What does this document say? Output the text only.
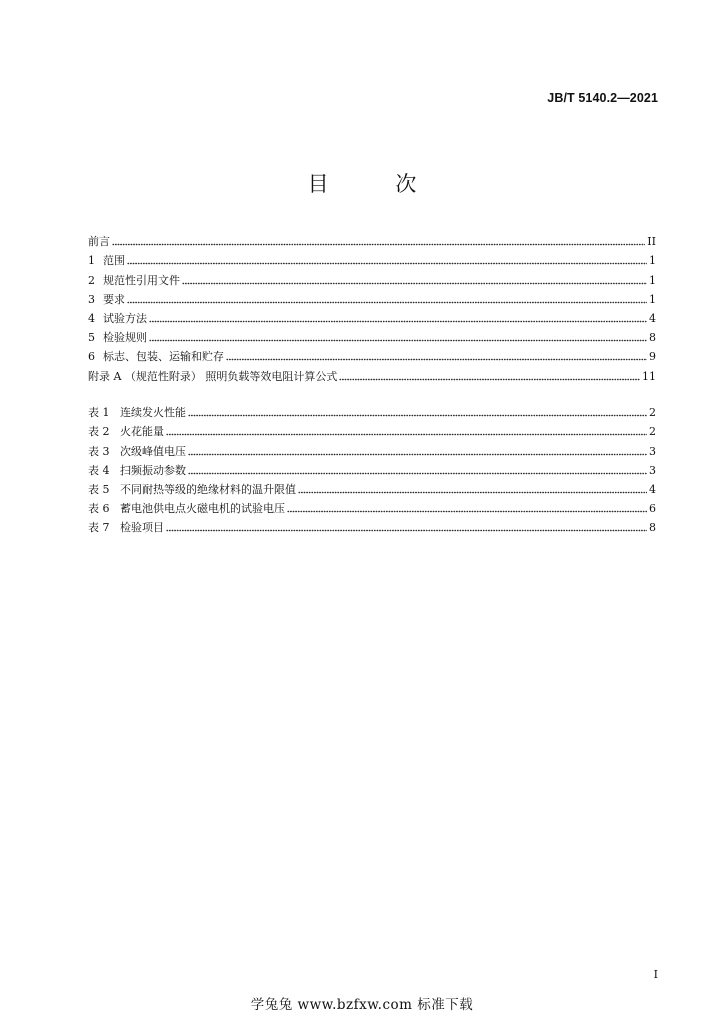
JB/T 5140.2—2021
目 次
前言	II
1 范围	1
2 规范性引用文件	1
3 要求	1
4 试验方法	4
5 检验规则	8
6 标志、包装、运输和贮存	9
附录 A （规范性附录） 照明负载等效电阻计算公式	11
表 1 连续发火性能	2
表 2 火花能量	2
表 3 次级峰值电压	3
表 4 扫频振动参数	3
表 5 不同耐热等级的绝缘材料的温升限值	4
表 6 蓄电池供电点火磁电机的试验电压	6
表 7 检验项目	8
I
学兔兔 www.bzfxw.com 标准下载
